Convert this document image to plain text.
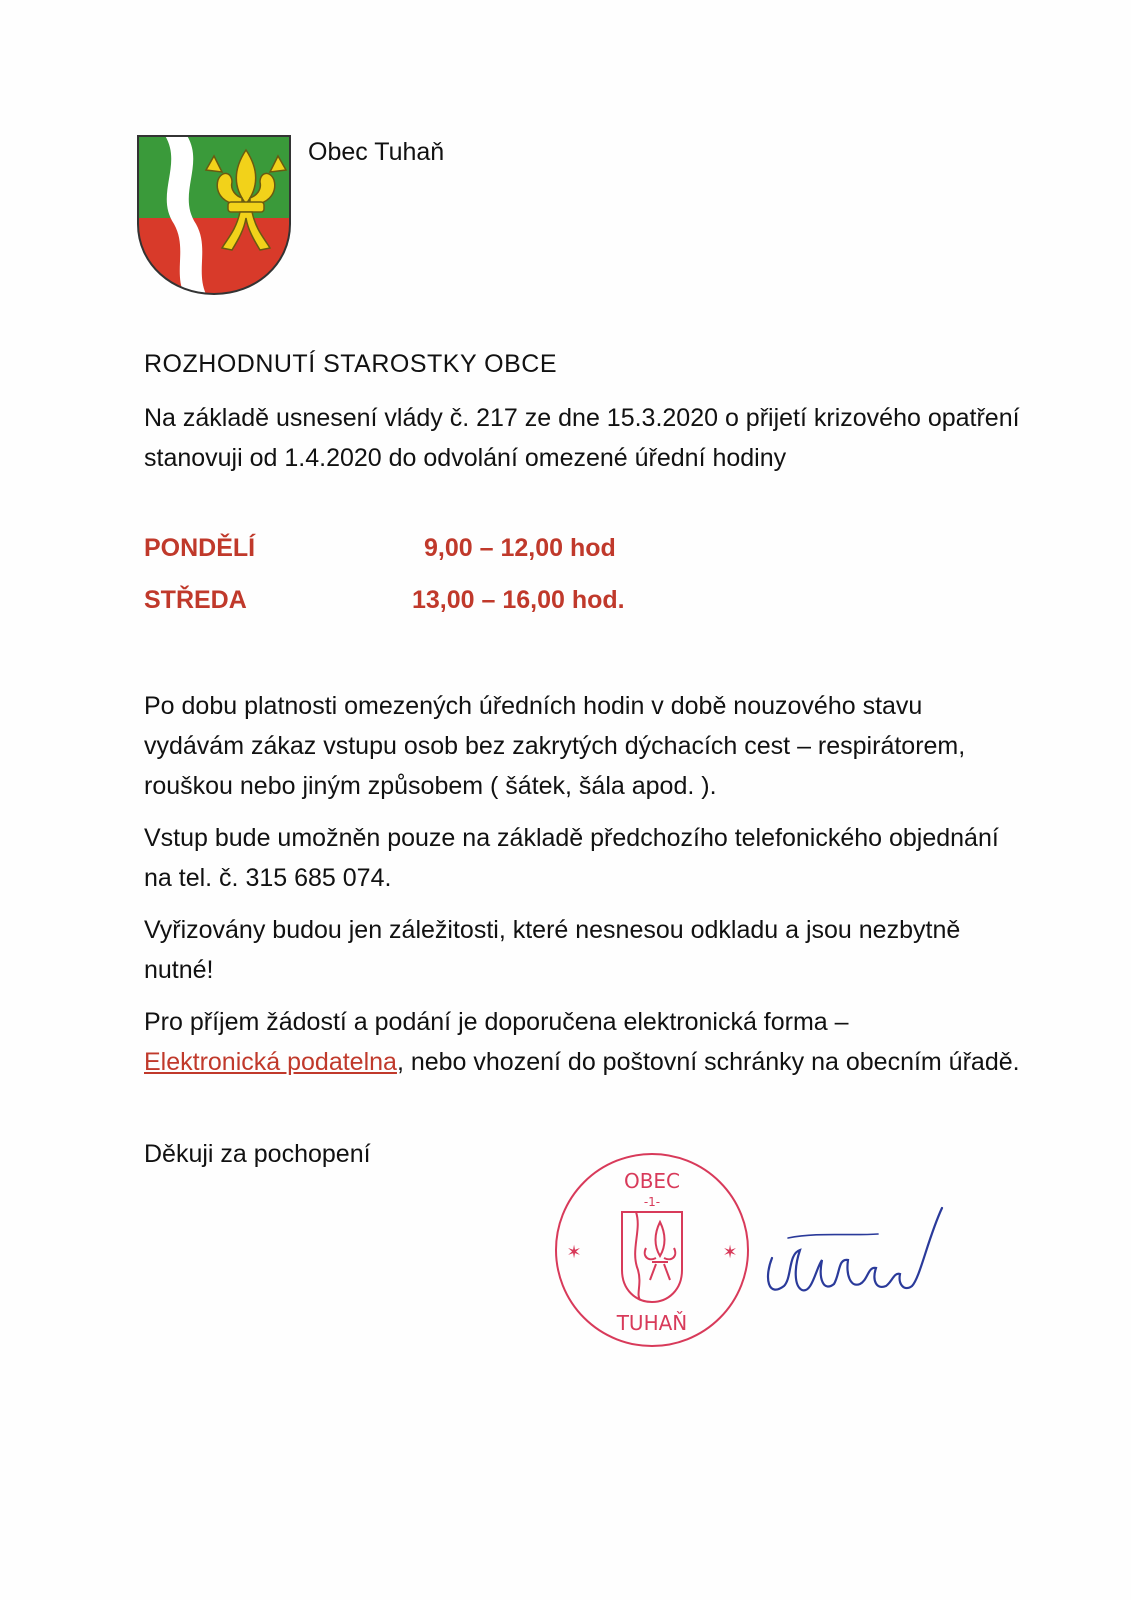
Obec Tuhaň
ROZHODNUTÍ STAROSTKY OBCE
Na základě usnesení vlády č. 217 ze dne 15.3.2020 o přijetí krizového opatření stanovuji od 1.4.2020 do odvolání omezené úřední hodiny
PONDĚLÍ	9,00 – 12,00 hod
STŘEDA	13,00 – 16,00 hod.
Po dobu platnosti omezených úředních hodin v době nouzového stavu vydávám zákaz vstupu osob bez zakrytých dýchacích cest – respirátorem, rouškou nebo jiným způsobem ( šátek, šála apod. ).
Vstup bude umožněn pouze na základě předchozího telefonického objednání na tel. č. 315 685 074.
Vyřizovány budou jen záležitosti, které nesnesou odkladu a jsou nezbytně nutné!
Pro příjem žádostí a podání je doporučena elektronická forma –
Elektronická podatelna, nebo vhození do poštovní schránky na obecním úřadě.
Děkuji za pochopení
OBEC
-1-
TUHAŇ
✶	✶
